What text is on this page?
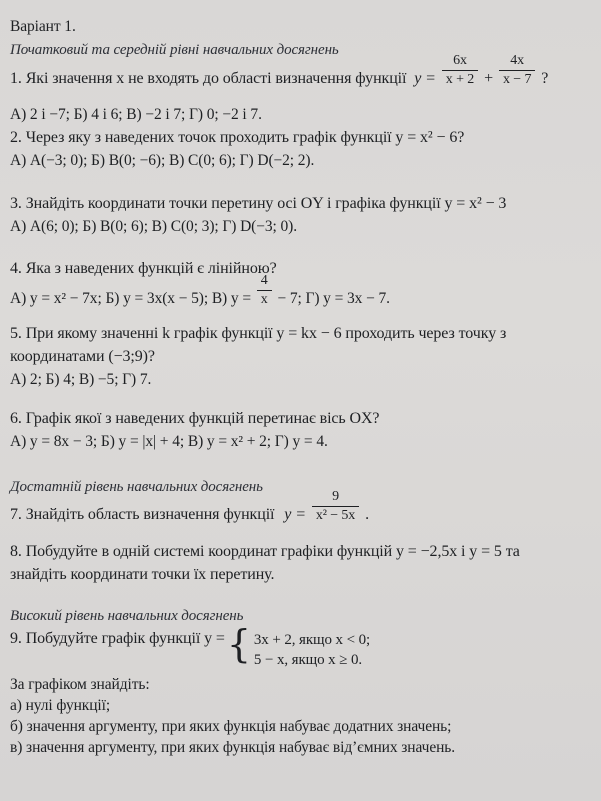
Варіант 1.
Початковий та середній рівні навчальних досягнень
1. Які значення x не входять до області визначення функції $y = \frac{6x}{x + 2} + \frac{4x}{x - 7}$ ?
А) 2 і −7; Б) 4 і 6; В) −2 і 7; Г) 0; −2 і 7.
2. Через яку з наведених точок проходить графік функції y = x² − 6?
А) А(−3; 0); Б) В(0; −6); В) С(0; 6); Г) D(−2; 2).
3. Знайдіть координати точки перетину осі OY і графіка функції y = x² − 3
А) А(6; 0); Б) В(0; 6); В) С(0; 3); Г) D(−3; 0).
4. Яка з наведених функцій є лінійною?
А) y = x² − 7x; Б) y = 3x(x − 5); В) $y = \frac{4}{x} - 7$; Г) y = 3x − 7.
5. При якому значенні k графік функції y = kx − 6 проходить через точку з
координатами (−3;9)?
А) 2; Б) 4; В) −5; Г) 7.
6. Графік якої з наведених функцій перетинає вісь OX?
А) y = 8x − 3; Б) y = |x| + 4; В) y = x² + 2; Г) y = 4.
Достатній рівень навчальних досягнень
7. Знайдіть область визначення функції $y = \frac{9}{\text{x² − 5x}}$ .
8. Побудуйте в одній системі координат графіки функцій y = −2,5x і y = 5 та
знайдіть координати точки їх перетину.
Високий рівень навчальних досягнень
9. Побудуйте графік функції y ={ 3x + 2, якщо x < 0;
5 − x, якщо x ≥ 0.
За графіком знайдіть:
а) нулі функції;
б) значення аргументу, при яких функція набуває додатних значень;
в) значення аргументу, при яких функція набуває від’ємних значень.
